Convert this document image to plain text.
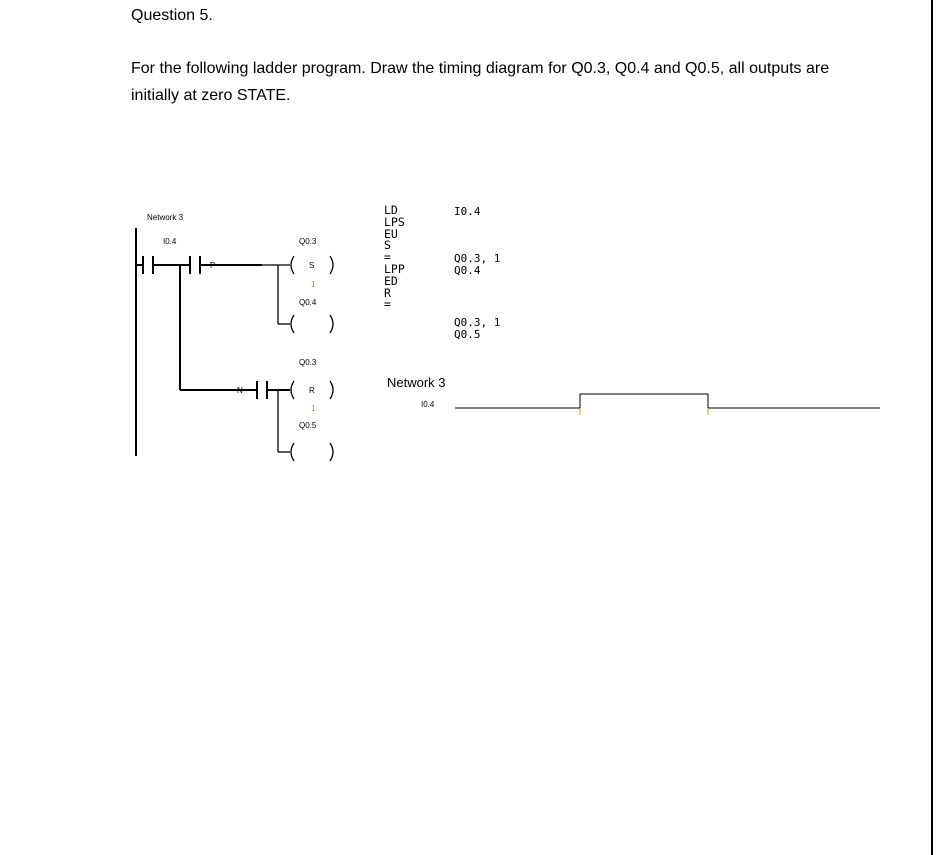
Question 5.
For the following ladder program. Draw the timing diagram for Q0.3, Q0.4 and Q0.5, all outputs are initially at zero STATE.
Network 3
I0.4	Q0.3
S
1
Q0.4
Q0.3
R
1
Q0.5
P
N
LD
LPS
EU
S
=
LPP
ED
R
=
I0.4
Q0.3, 1
Q0.4
Q0.3, 1
Q0.5
Network 3
I0.4
